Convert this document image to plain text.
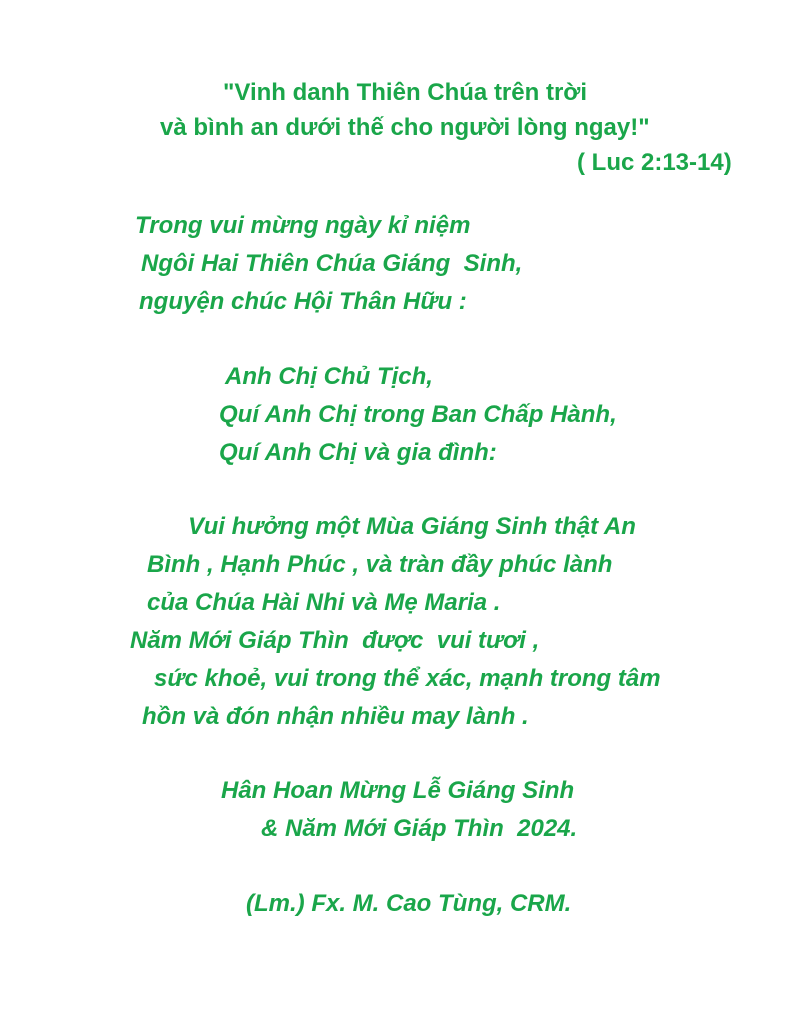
"Vinh danh Thiên Chúa trên trời
và bình an dưới thế cho người lòng ngay!"
( Luc 2:13-14)
Trong vui mừng ngày kỉ niệm
Ngôi Hai Thiên Chúa Giáng  Sinh,
nguyện chúc Hội Thân Hữu :
Anh Chị Chủ Tịch,
Quí Anh Chị trong Ban Chấp Hành,
Quí Anh Chị và gia đình:
Vui hưởng một Mùa Giáng Sinh thật An
Bình , Hạnh Phúc , và tràn đầy phúc lành
của Chúa Hài Nhi và Mẹ Maria .
Năm Mới Giáp Thìn  được  vui tươi ,
sức khoẻ, vui trong thể xác, mạnh trong tâm
hồn và đón nhận nhiều may lành .
Hân Hoan Mừng Lễ Giáng Sinh
& Năm Mới Giáp Thìn  2024.
(Lm.) Fx. M. Cao Tùng, CRM.
